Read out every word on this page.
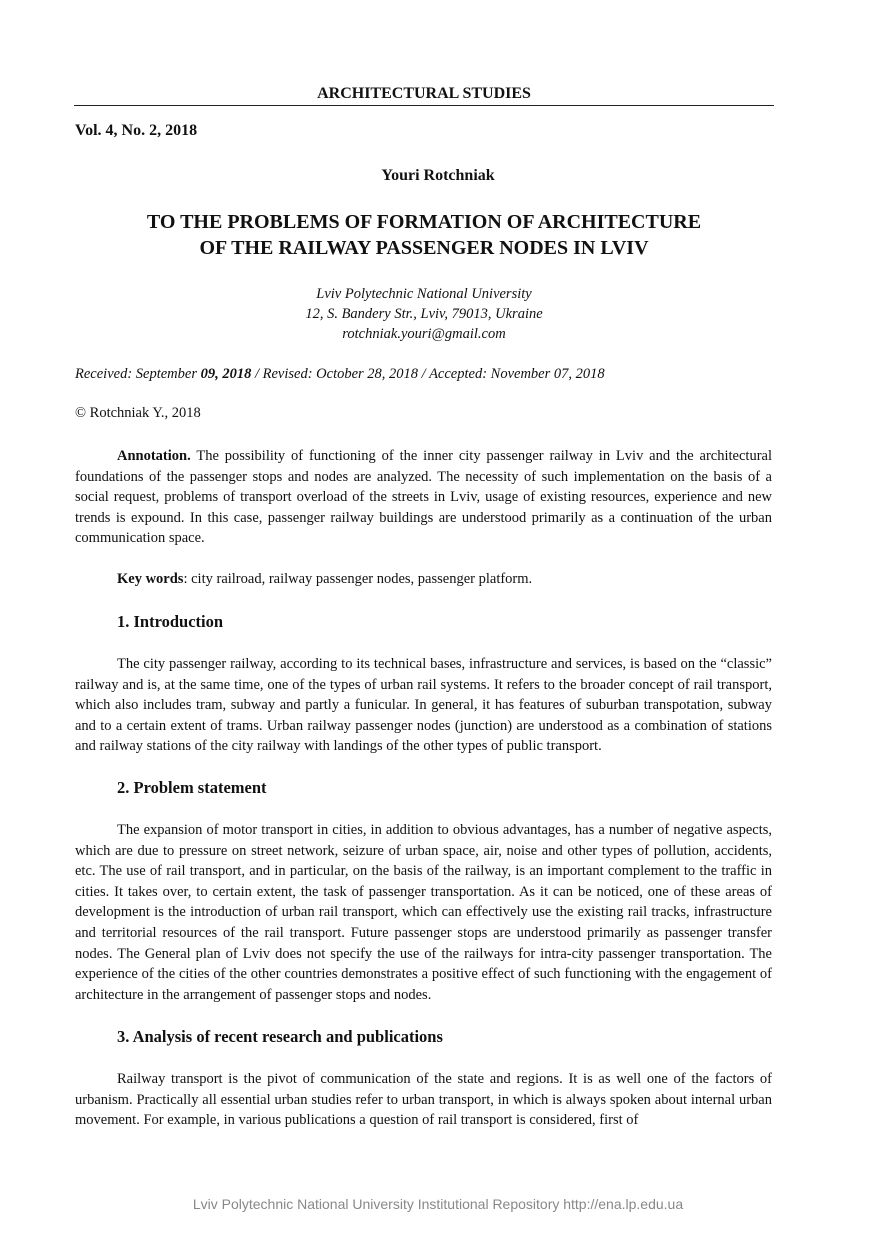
ARCHITECTURAL STUDIES
Vol. 4, No. 2, 2018
Youri Rotchniak
TO THE PROBLEMS OF FORMATION OF ARCHITECTURE
OF THE RAILWAY PASSENGER NODES IN LVIV
Lviv Polytechnic National University
12, S. Bandery Str., Lviv, 79013, Ukraine
rotchniak.youri@gmail.com
Received: September 09, 2018 / Revised: October 28, 2018 / Accepted: November 07, 2018
© Rotchniak Y., 2018

Annotation. The possibility of functioning of the inner city passenger railway in Lviv and the architectural foundations of the passenger stops and nodes are analyzed. The necessity of such implementation on the basis of a social request, problems of transport overload of the streets in Lviv, usage of existing resources, experience and new trends is expound. In this case, passenger railway buildings are understood primarily as a continuation of the urban communication space.

Key words: city railroad, railway passenger nodes, passenger platform.

1. Introduction

The city passenger railway, according to its technical bases, infrastructure and services, is based on the “classic” railway and is, at the same time, one of the types of urban rail systems. It refers to the broader concept of rail transport, which also includes tram, subway and partly a funicular. In general, it has features of suburban transpotation, subway and to a certain extent of trams. Urban railway passenger nodes (junction) are understood as a combination of stations and railway stations of the city railway with landings of the other types of public transport.

2. Problem statement

The expansion of motor transport in cities, in addition to obvious advantages, has a number of negative aspects, which are due to pressure on street network, seizure of urban space, air, noise and other types of pollution, accidents, etc. The use of rail transport, and in particular, on the basis of the railway, is an important complement to the traffic in cities. It takes over, to certain extent, the task of passenger transportation. As it can be noticed, one of these areas of development is the introduction of urban rail transport, which can effectively use the existing rail tracks, infrastructure and territorial resources of the rail transport. Future passenger stops are understood primarily as passenger transfer nodes. The General plan of Lviv does not specify the use of the railways for intra-city passenger transportation. The experience of the cities of the other countries demonstrates a positive effect of such functioning with the engagement of architecture in the arrangement of passenger stops and nodes.

3. Analysis of recent research and publications

Railway transport is the pivot of communication of the state and regions. It is as well one of the factors of urbanism. Practically all essential urban studies refer to urban transport, in which is always spoken about internal urban movement. For example, in various publications a question of rail transport is considered, first of

Lviv Polytechnic National University Institutional Repository http://ena.lp.edu.ua
